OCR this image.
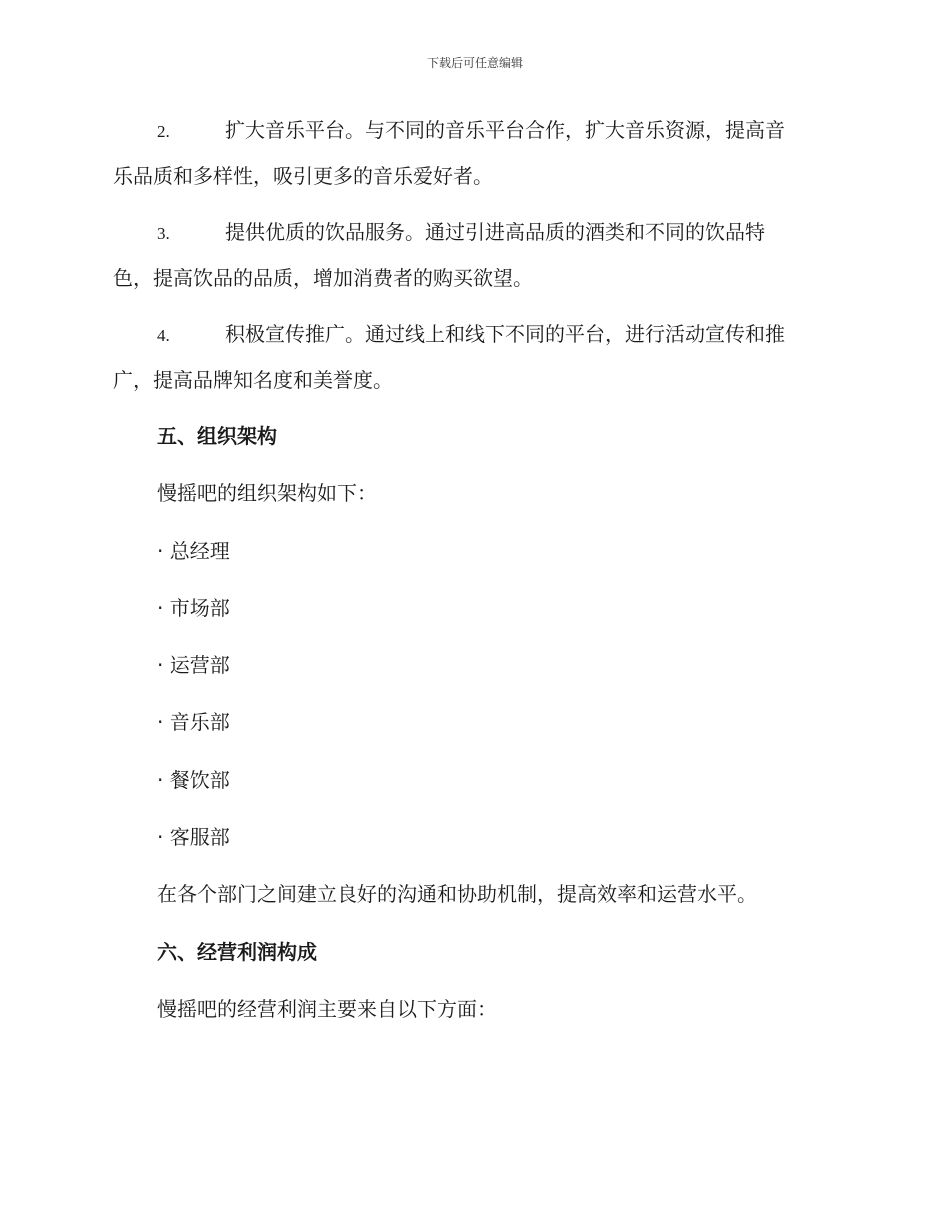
下载后可任意编辑
2.	扩大音乐平台。与不同的音乐平台合作，扩大音乐资源，提高音
乐品质和多样性，吸引更多的音乐爱好者。
3.	提供优质的饮品服务。通过引进高品质的酒类和不同的饮品特
色，提高饮品的品质，增加消费者的购买欲望。
4.	积极宣传推广。通过线上和线下不同的平台，进行活动宣传和推
广，提高品牌知名度和美誉度。
五、组织架构
慢摇吧的组织架构如下：
· 总经理
· 市场部
· 运营部
· 音乐部
· 餐饮部
· 客服部
在各个部门之间建立良好的沟通和协助机制，提高效率和运营水平。
六、经营利润构成
慢摇吧的经营利润主要来自以下方面：
